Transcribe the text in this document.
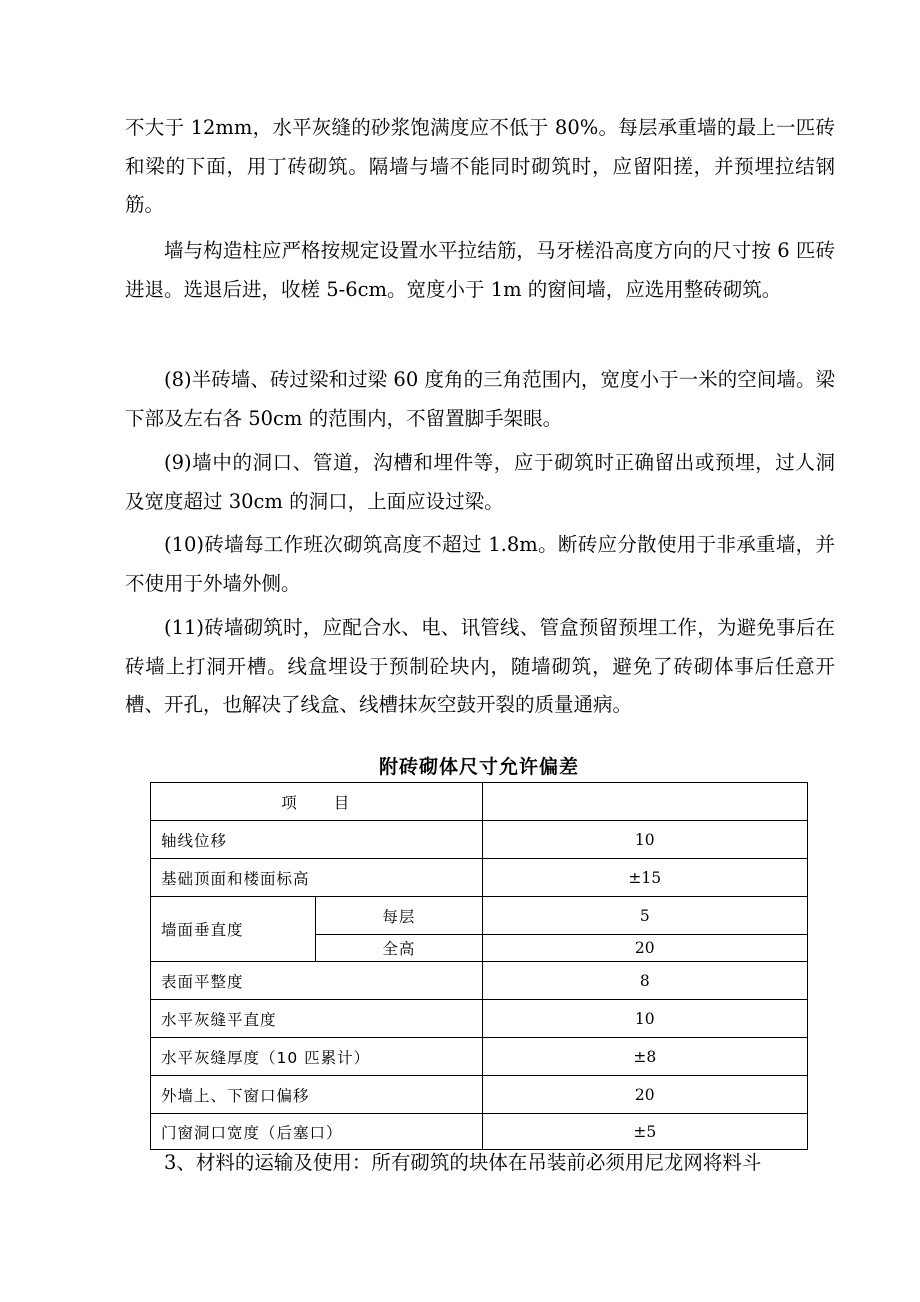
不大于 12mm，水平灰缝的砂浆饱满度应不低于 80%。每层承重墙的最上一匹砖和梁的下面，用丁砖砌筑。隔墙与墙不能同时砌筑时，应留阳搓，并预埋拉结钢筋。

墙与构造柱应严格按规定设置水平拉结筋，马牙槎沿高度方向的尺寸按 6 匹砖进退。选退后进，收槎 5-6cm。宽度小于 1m 的窗间墙，应选用整砖砌筑。

(8)半砖墙、砖过梁和过梁 60 度角的三角范围内，宽度小于一米的空间墙。梁下部及左右各 50cm 的范围内，不留置脚手架眼。

(9)墙中的洞口、管道，沟槽和埋件等，应于砌筑时正确留出或预埋，过人洞及宽度超过 30cm 的洞口，上面应设过梁。

(10)砖墙每工作班次砌筑高度不超过 1.8m。断砖应分散使用于非承重墙，并不使用于外墙外侧。

(11)砖墙砌筑时，应配合水、电、讯管线、管盒预留预埋工作，为避免事后在砖墙上打洞开槽。线盒埋设于预制砼块内，随墙砌筑，避免了砖砌体事后任意开槽、开孔，也解决了线盒、线槽抹灰空鼓开裂的质量通病。

附砖砌体尺寸允许偏差
项　　目		
轴线位移		10
基础顶面和楼面标高		±15
墙面垂直度	每层	5
	全高	20
表面平整度		8
水平灰缝平直度		10
水平灰缝厚度（10 匹累计）		±8
外墙上、下窗口偏移		20
门窗洞口宽度（后塞口）		±5

3、材料的运输及使用：所有砌筑的块体在吊装前必须用尼龙网将料斗
